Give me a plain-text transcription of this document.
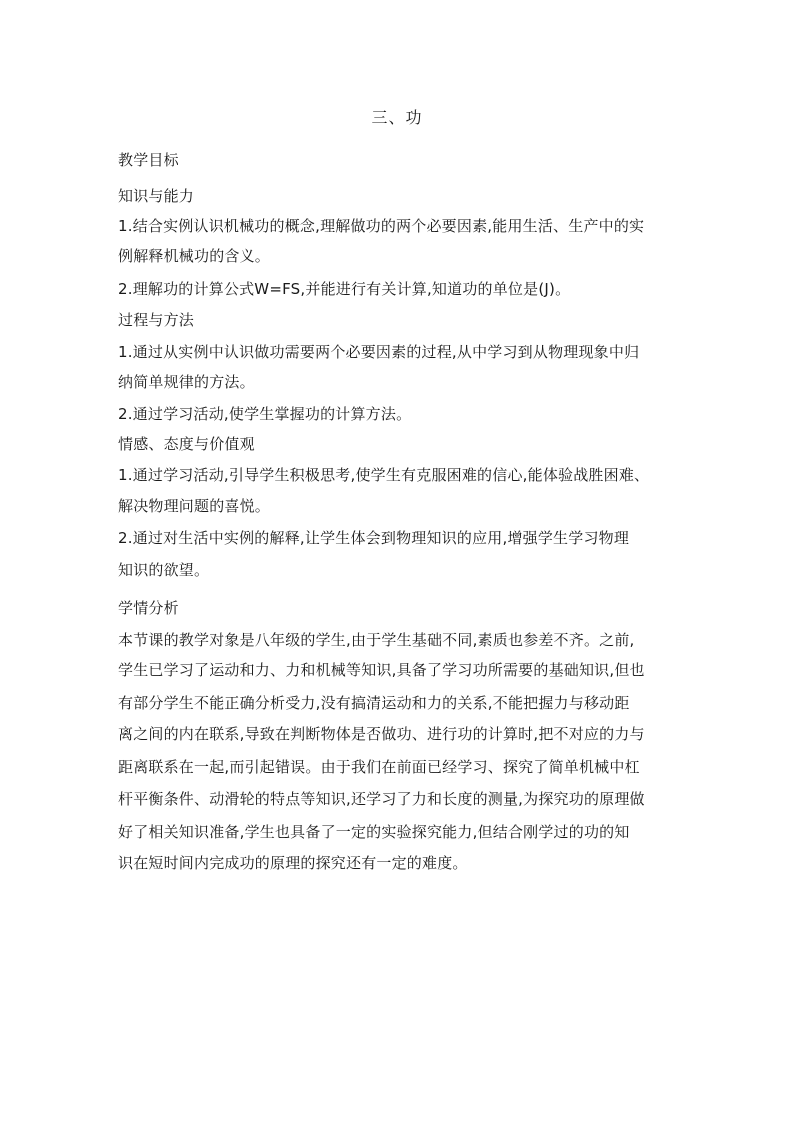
三、功
教学目标
知识与能力
1.结合实例认识机械功的概念,理解做功的两个必要因素,能用生活、生产中的实
例解释机械功的含义。
2.理解功的计算公式W=FS,并能进行有关计算,知道功的单位是(J)。
过程与方法
1.通过从实例中认识做功需要两个必要因素的过程,从中学习到从物理现象中归
纳简单规律的方法。
2.通过学习活动,使学生掌握功的计算方法。
情感、态度与价值观
1.通过学习活动,引导学生积极思考,使学生有克服困难的信心,能体验战胜困难、
解决物理问题的喜悦。
2.通过对生活中实例的解释,让学生体会到物理知识的应用,增强学生学习物理
知识的欲望。
学情分析
本节课的教学对象是八年级的学生,由于学生基础不同,素质也参差不齐。之前,
学生已学习了运动和力、力和机械等知识,具备了学习功所需要的基础知识,但也
有部分学生不能正确分析受力,没有搞清运动和力的关系,不能把握力与移动距
离之间的内在联系,导致在判断物体是否做功、进行功的计算时,把不对应的力与
距离联系在一起,而引起错误。由于我们在前面已经学习、探究了简单机械中杠
杆平衡条件、动滑轮的特点等知识,还学习了力和长度的测量,为探究功的原理做
好了相关知识准备,学生也具备了一定的实验探究能力,但结合刚学过的功的知
识在短时间内完成功的原理的探究还有一定的难度。
